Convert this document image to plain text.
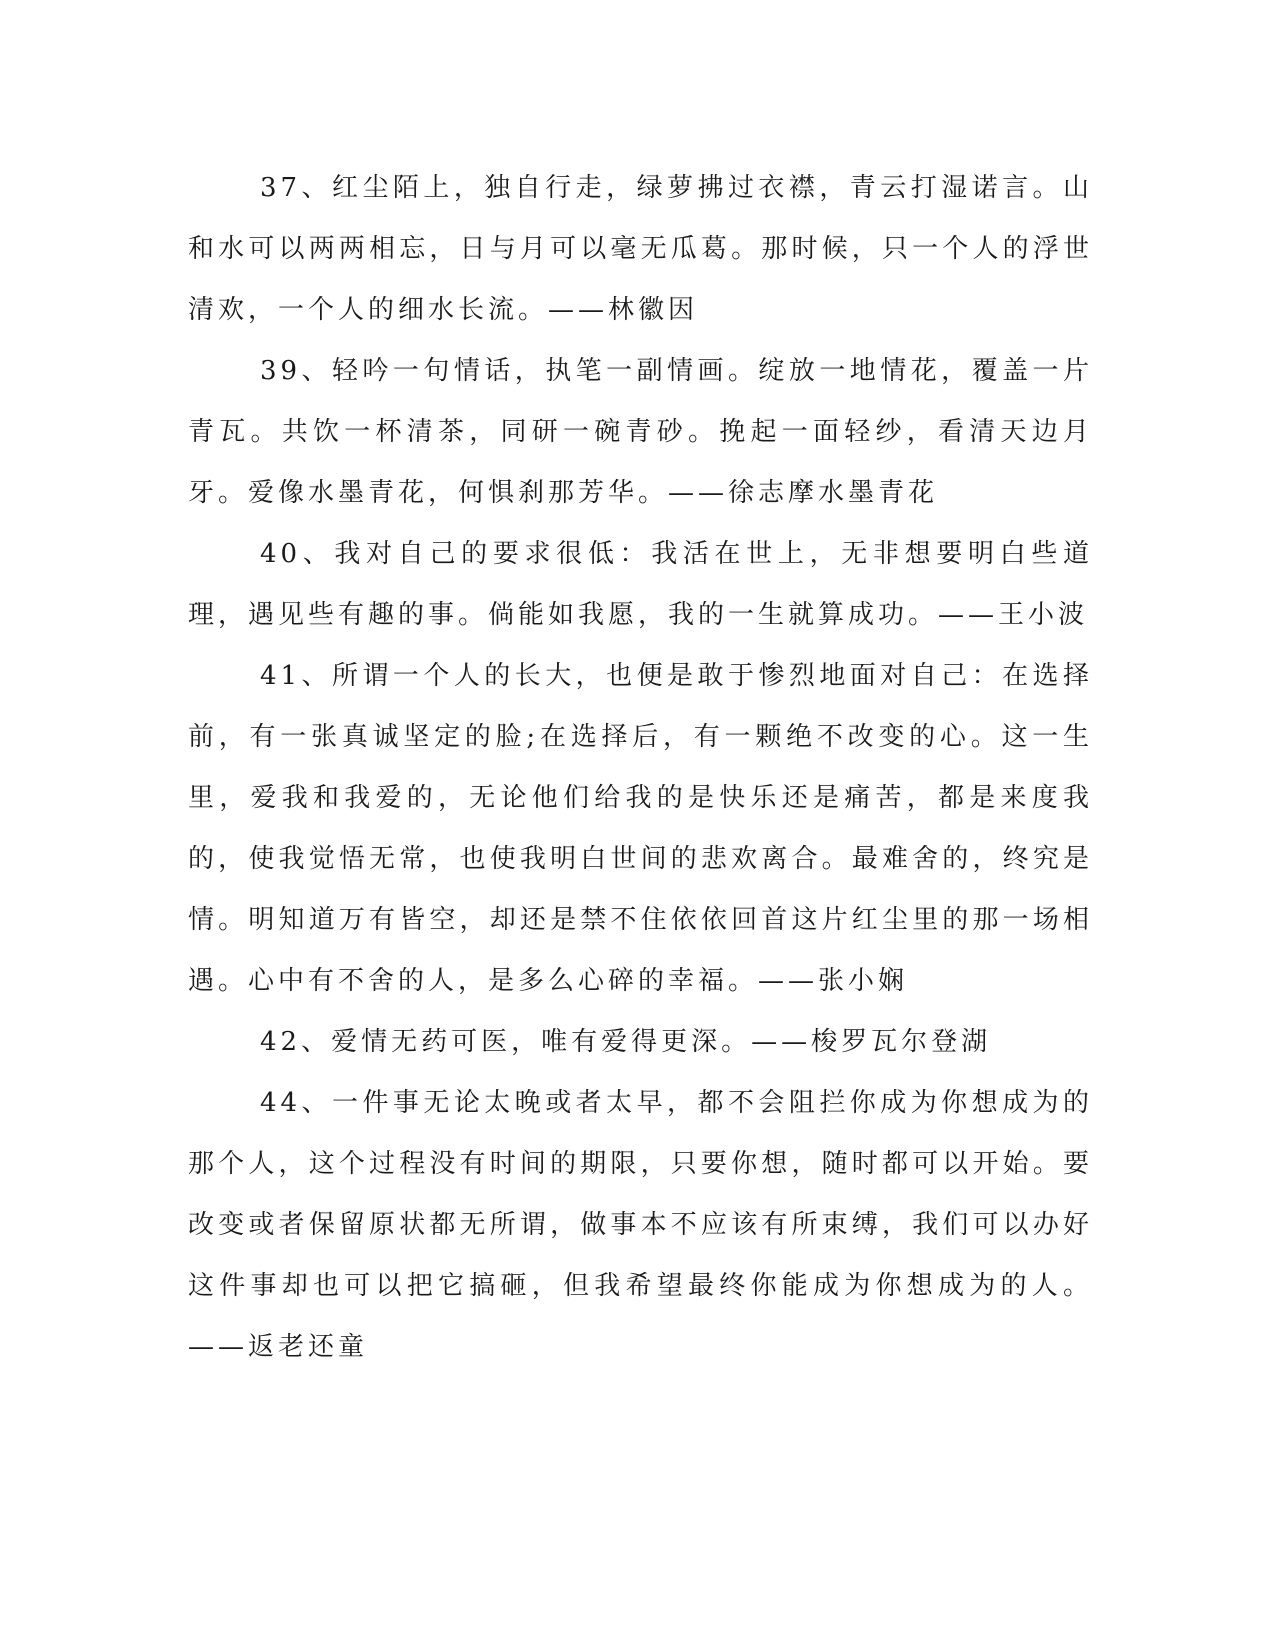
37、红尘陌上，独自行走，绿萝拂过衣襟，青云打湿诺言。山和水可以两两相忘，日与月可以毫无瓜葛。那时候，只一个人的浮世清欢，一个人的细水长流。——林徽因

39、轻吟一句情话，执笔一副情画。绽放一地情花，覆盖一片青瓦。共饮一杯清茶，同研一碗青砂。挽起一面轻纱，看清天边月牙。爱像水墨青花，何惧刹那芳华。——徐志摩水墨青花

40、我对自己的要求很低：我活在世上，无非想要明白些道理，遇见些有趣的事。倘能如我愿，我的一生就算成功。——王小波

41、所谓一个人的长大，也便是敢于惨烈地面对自己：在选择前，有一张真诚坚定的脸;在选择后，有一颗绝不改变的心。这一生里，爱我和我爱的，无论他们给我的是快乐还是痛苦，都是来度我的，使我觉悟无常，也使我明白世间的悲欢离合。最难舍的，终究是情。明知道万有皆空，却还是禁不住依依回首这片红尘里的那一场相遇。心中有不舍的人，是多么心碎的幸福。——张小娴

42、爱情无药可医，唯有爱得更深。——梭罗瓦尔登湖

44、一件事无论太晚或者太早，都不会阻拦你成为你想成为的那个人，这个过程没有时间的期限，只要你想，随时都可以开始。要改变或者保留原状都无所谓，做事本不应该有所束缚，我们可以办好这件事却也可以把它搞砸，但我希望最终你能成为你想成为的人。——返老还童
